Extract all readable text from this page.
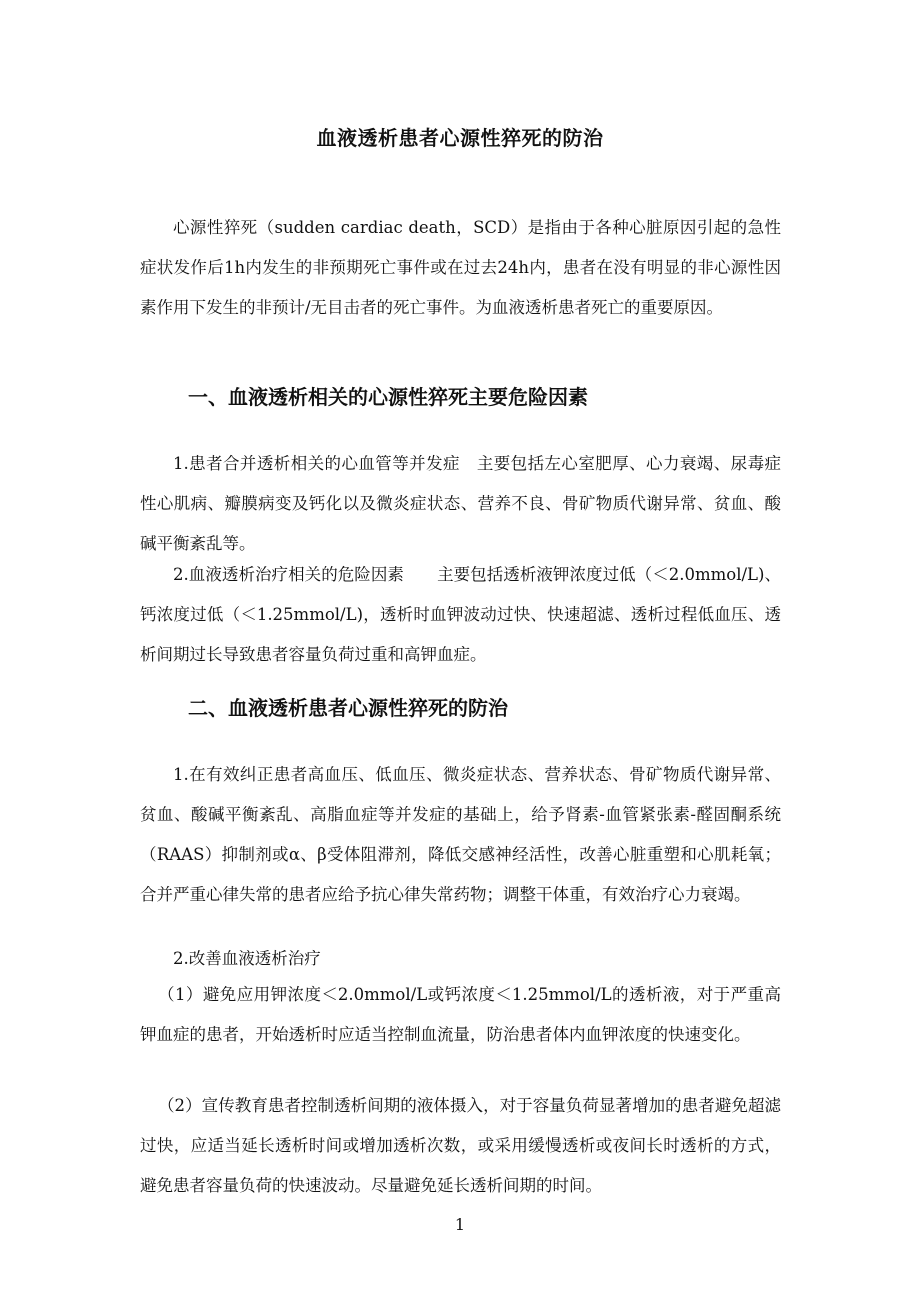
血液透析患者心源性猝死的防治
心源性猝死（sudden cardiac death，SCD）是指由于各种心脏原因引起的急性症状发作后1h内发生的非预期死亡事件或在过去24h内，患者在没有明显的非心源性因素作用下发生的非预计/无目击者的死亡事件。为血液透析患者死亡的重要原因。
一、血液透析相关的心源性猝死主要危险因素
1.患者合并透析相关的心血管等并发症　主要包括左心室肥厚、心力衰竭、尿毒症性心肌病、瓣膜病变及钙化以及微炎症状态、营养不良、骨矿物质代谢异常、贫血、酸碱平衡紊乱等。
2.血液透析治疗相关的危险因素　　主要包括透析液钾浓度过低（＜2.0mmol/L)、钙浓度过低（＜1.25mmol/L)，透析时血钾波动过快、快速超滤、透析过程低血压、透析间期过长导致患者容量负荷过重和高钾血症。
二、血液透析患者心源性猝死的防治
1.在有效纠正患者高血压、低血压、微炎症状态、营养状态、骨矿物质代谢异常、贫血、酸碱平衡紊乱、高脂血症等并发症的基础上，给予肾素-血管紧张素-醛固酮系统（RAAS）抑制剂或α、β受体阻滞剂，降低交感神经活性，改善心脏重塑和心肌耗氧；合并严重心律失常的患者应给予抗心律失常药物；调整干体重，有效治疗心力衰竭。
2.改善血液透析治疗
（1）避免应用钾浓度＜2.0mmol/L或钙浓度＜1.25mmol/L的透析液，对于严重高钾血症的患者，开始透析时应适当控制血流量，防治患者体内血钾浓度的快速变化。
（2）宣传教育患者控制透析间期的液体摄入，对于容量负荷显著增加的患者避免超滤过快，应适当延长透析时间或增加透析次数，或采用缓慢透析或夜间长时透析的方式，避免患者容量负荷的快速波动。尽量避免延长透析间期的时间。
1
